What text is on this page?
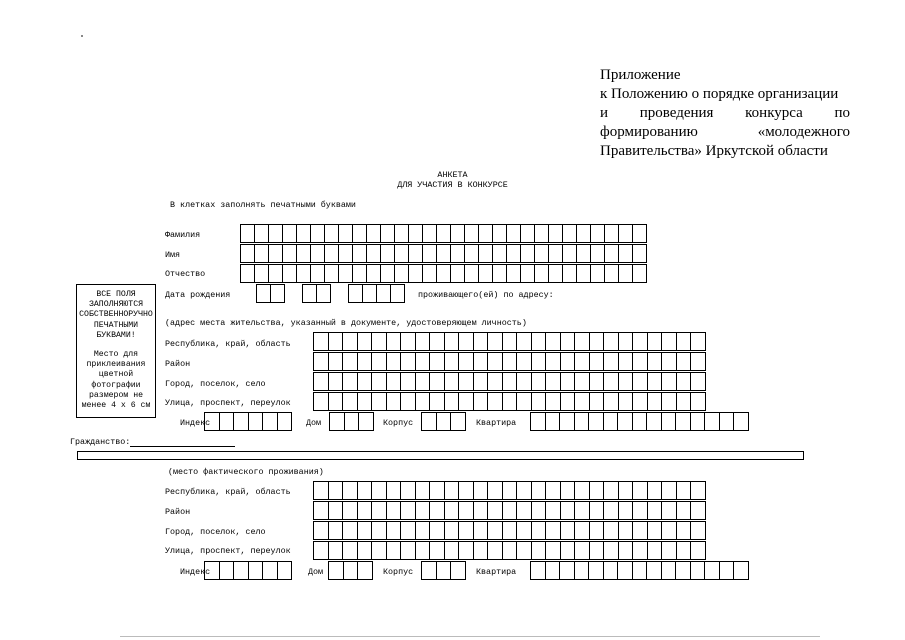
Приложение
к Положению о порядке организации
и проведения конкурса по
формированию	«молодежного
Правительства» Иркутской области
АНКЕТА
ДЛЯ УЧАСТИЯ В КОНКУРСЕ
В клетках заполнять печатными буквами
Фамилия
Имя
Отчество
Дата рождения	проживающего(ей) по адресу:
ВСЕ ПОЛЯ
ЗАПОЛНЯЮТСЯ
СОБСТВЕННОРУЧНО
ПЕЧАТНЫМИ
БУКВАМИ!
Место для
приклеивания
цветной
фотографии
размером не
менее 4 х 6 см
(адрес места жительства, указанный в документе, удостоверяющем личность)
Республика, край, область
Район
Город, поселок, село
Улица, проспект, переулок
Индекс	Дом	Корпус	Квартира
Гражданство:
(место фактического проживания)
Республика, край, область
Район
Город, поселок, село
Улица, проспект, переулок
Индекс	Дом	Корпус	Квартира
